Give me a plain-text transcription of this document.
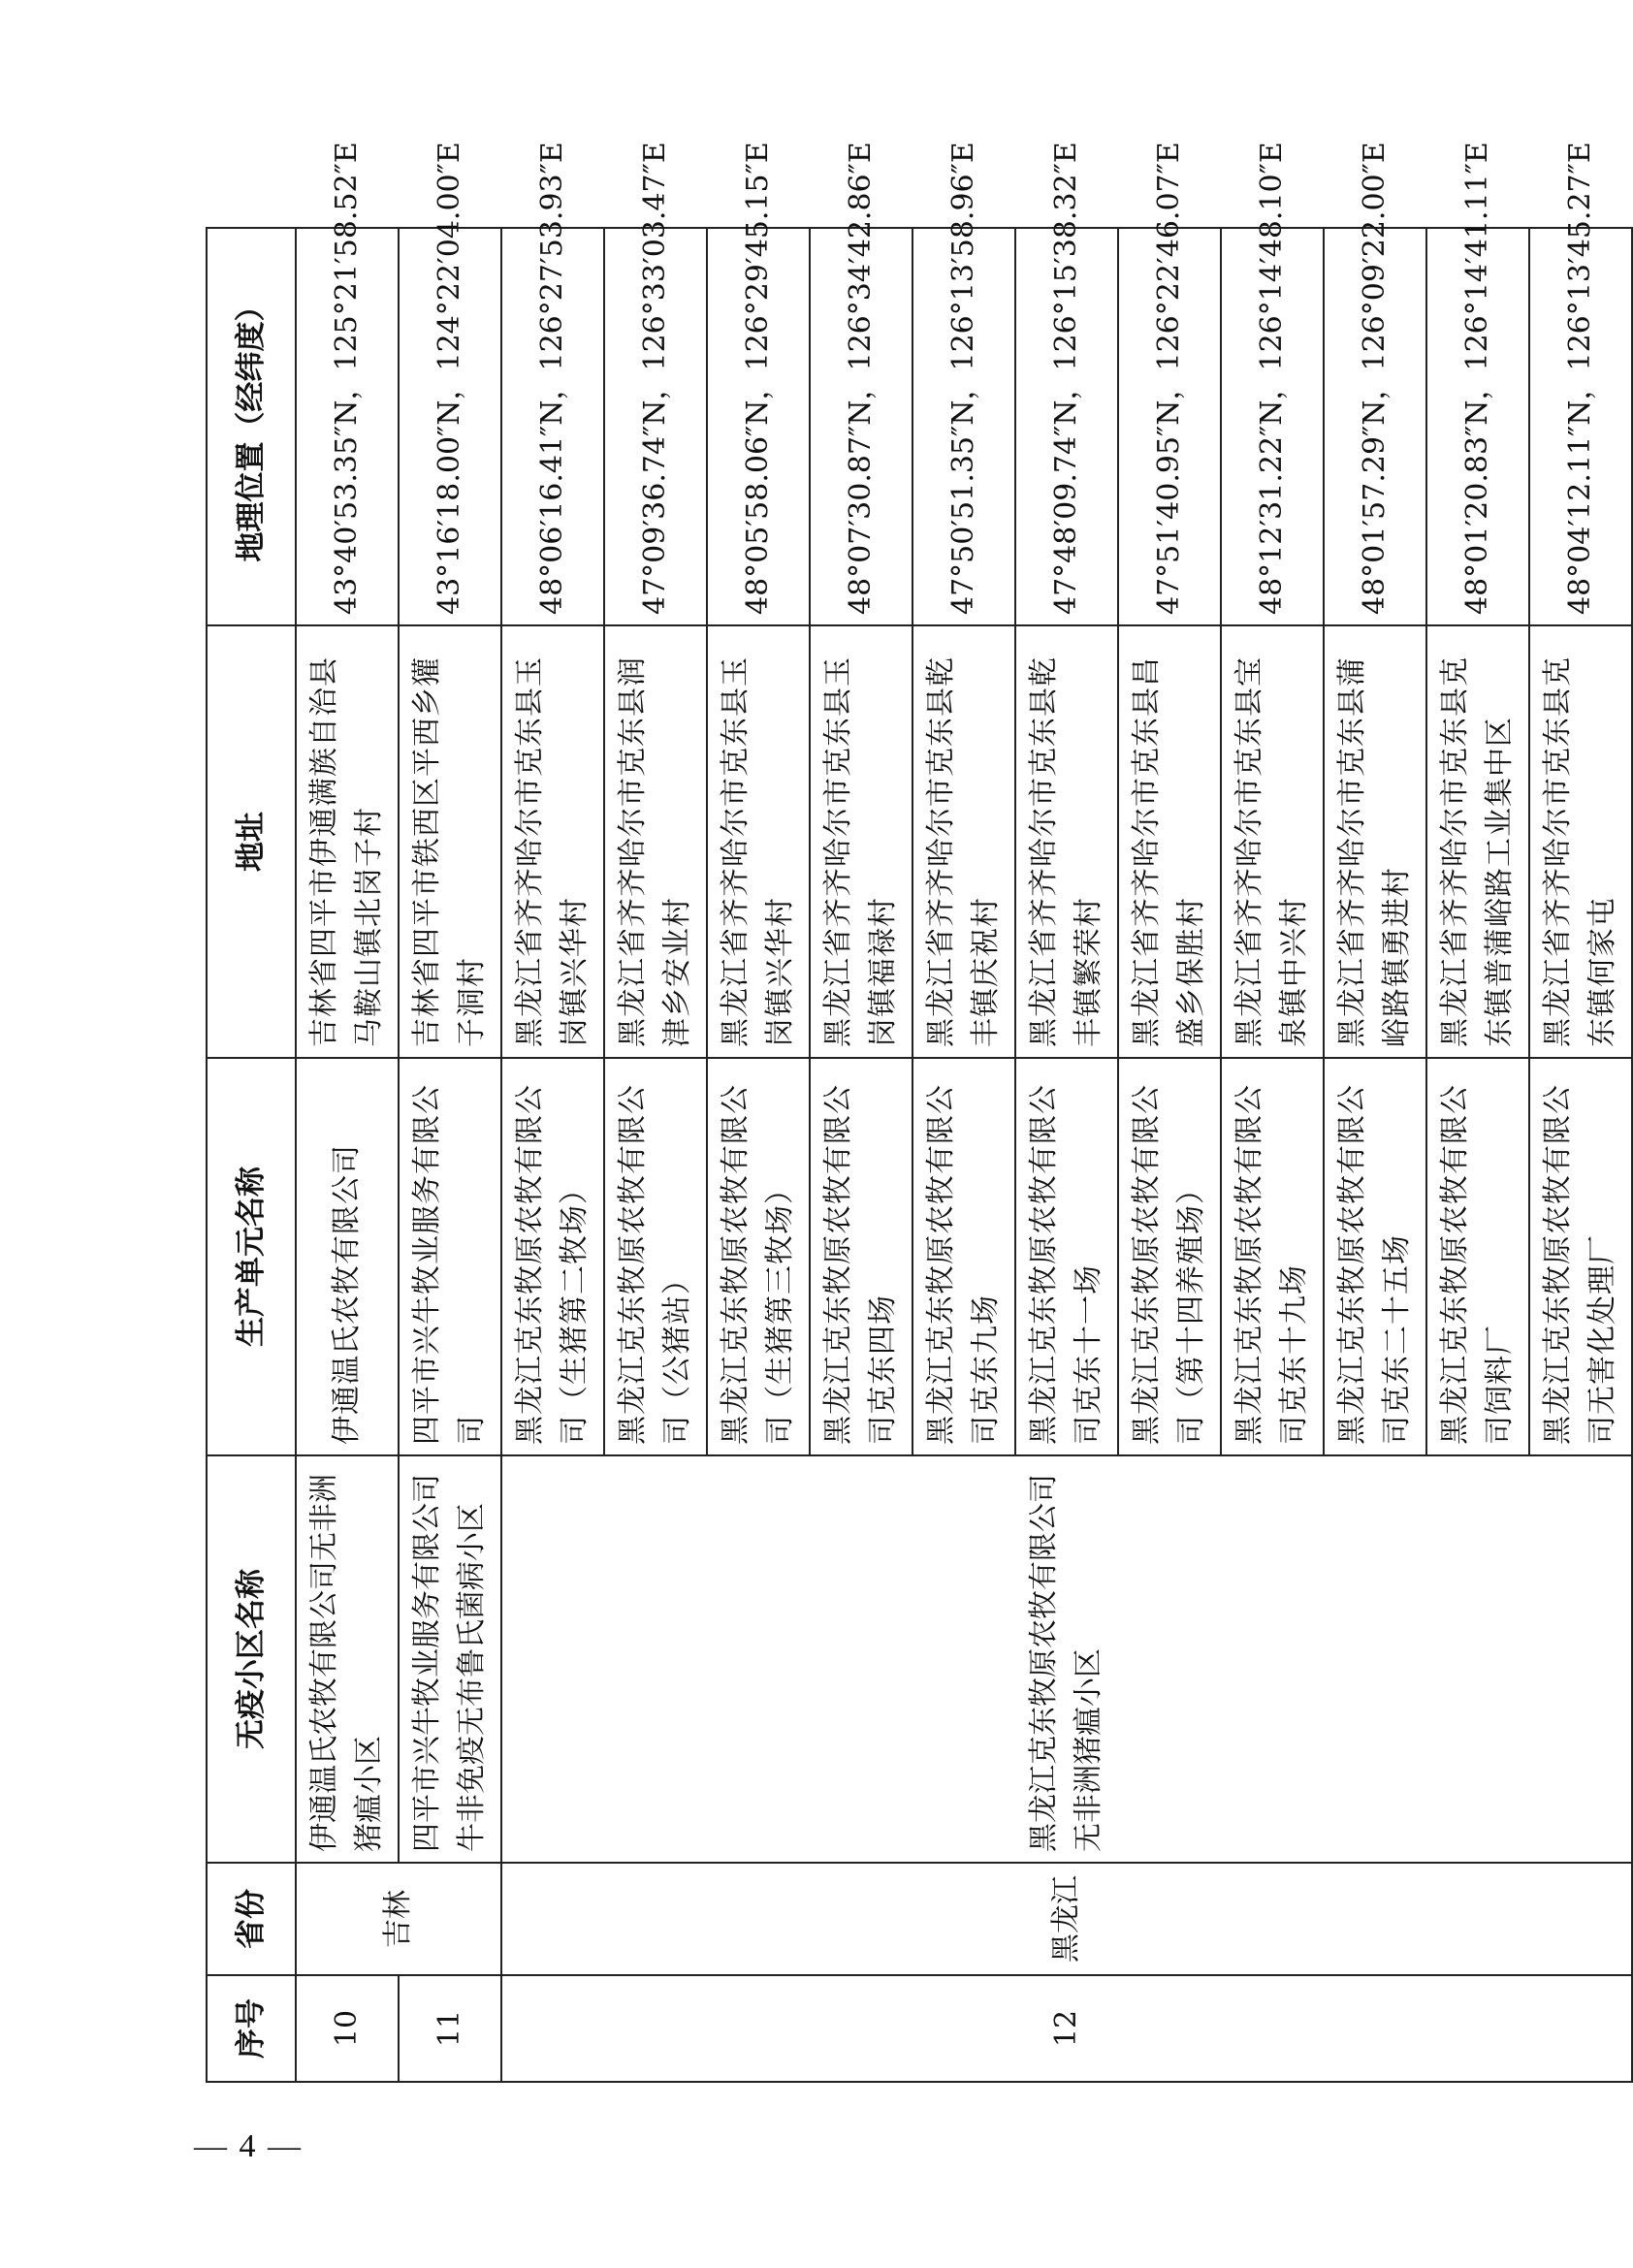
序号	省份	无疫小区名称	生产单元名称	地址	地理位置（经纬度）
10	吉林	伊通温氏农牧有限公司无非洲猪瘟小区	伊通温氏农牧有限公司	吉林省四平市伊通满族自治县马鞍山镇北岗子村	43°40′53.35″N，125°21′58.52″E
11		四平市兴牛牧业服务有限公司牛非免疫无布鲁氏菌病小区	四平市兴牛牧业服务有限公司	吉林省四平市铁西区平西乡獾子洞村	43°16′18.00″N，124°22′04.00″E
12	黑龙江	黑龙江克东牧原农牧有限公司无非洲猪瘟小区	黑龙江克东牧原农牧有限公司（生猪第二牧场）	黑龙江省齐齐哈尔市克东县玉岗镇兴华村	48°06′16.41″N，126°27′53.93″E
			黑龙江克东牧原农牧有限公司（公猪站）	黑龙江省齐齐哈尔市克东县润津乡安业村	47°09′36.74″N，126°33′03.47″E
			黑龙江克东牧原农牧有限公司（生猪第三牧场）	黑龙江省齐齐哈尔市克东县玉岗镇兴华村	48°05′58.06″N，126°29′45.15″E
			黑龙江克东牧原农牧有限公司克东四场	黑龙江省齐齐哈尔市克东县玉岗镇福禄村	48°07′30.87″N，126°34′42.86″E
			黑龙江克东牧原农牧有限公司克东九场	黑龙江省齐齐哈尔市克东县乾丰镇庆祝村	47°50′51.35″N，126°13′58.96″E
			黑龙江克东牧原农牧有限公司克东十一场	黑龙江省齐齐哈尔市克东县乾丰镇繁荣村	47°48′09.74″N，126°15′38.32″E
			黑龙江克东牧原农牧有限公司（第十四养殖场）	黑龙江省齐齐哈尔市克东县昌盛乡保胜村	47°51′40.95″N，126°22′46.07″E
			黑龙江克东牧原农牧有限公司克东十九场	黑龙江省齐齐哈尔市克东县宝泉镇中兴村	48°12′31.22″N，126°14′48.10″E
			黑龙江克东牧原农牧有限公司克东二十五场	黑龙江省齐齐哈尔市克东县蒲峪路镇勇进村	48°01′57.29″N，126°09′22.00″E
			黑龙江克东牧原农牧有限公司饲料厂	黑龙江省齐齐哈尔市克东县克东镇普蒲峪路工业集中区	48°01′20.83″N，126°14′41.11″E
			黑龙江克东牧原农牧有限公司无害化处理厂	黑龙江省齐齐哈尔市克东县克东镇何家屯	48°04′12.11″N，126°13′45.27″E
— 4 —
